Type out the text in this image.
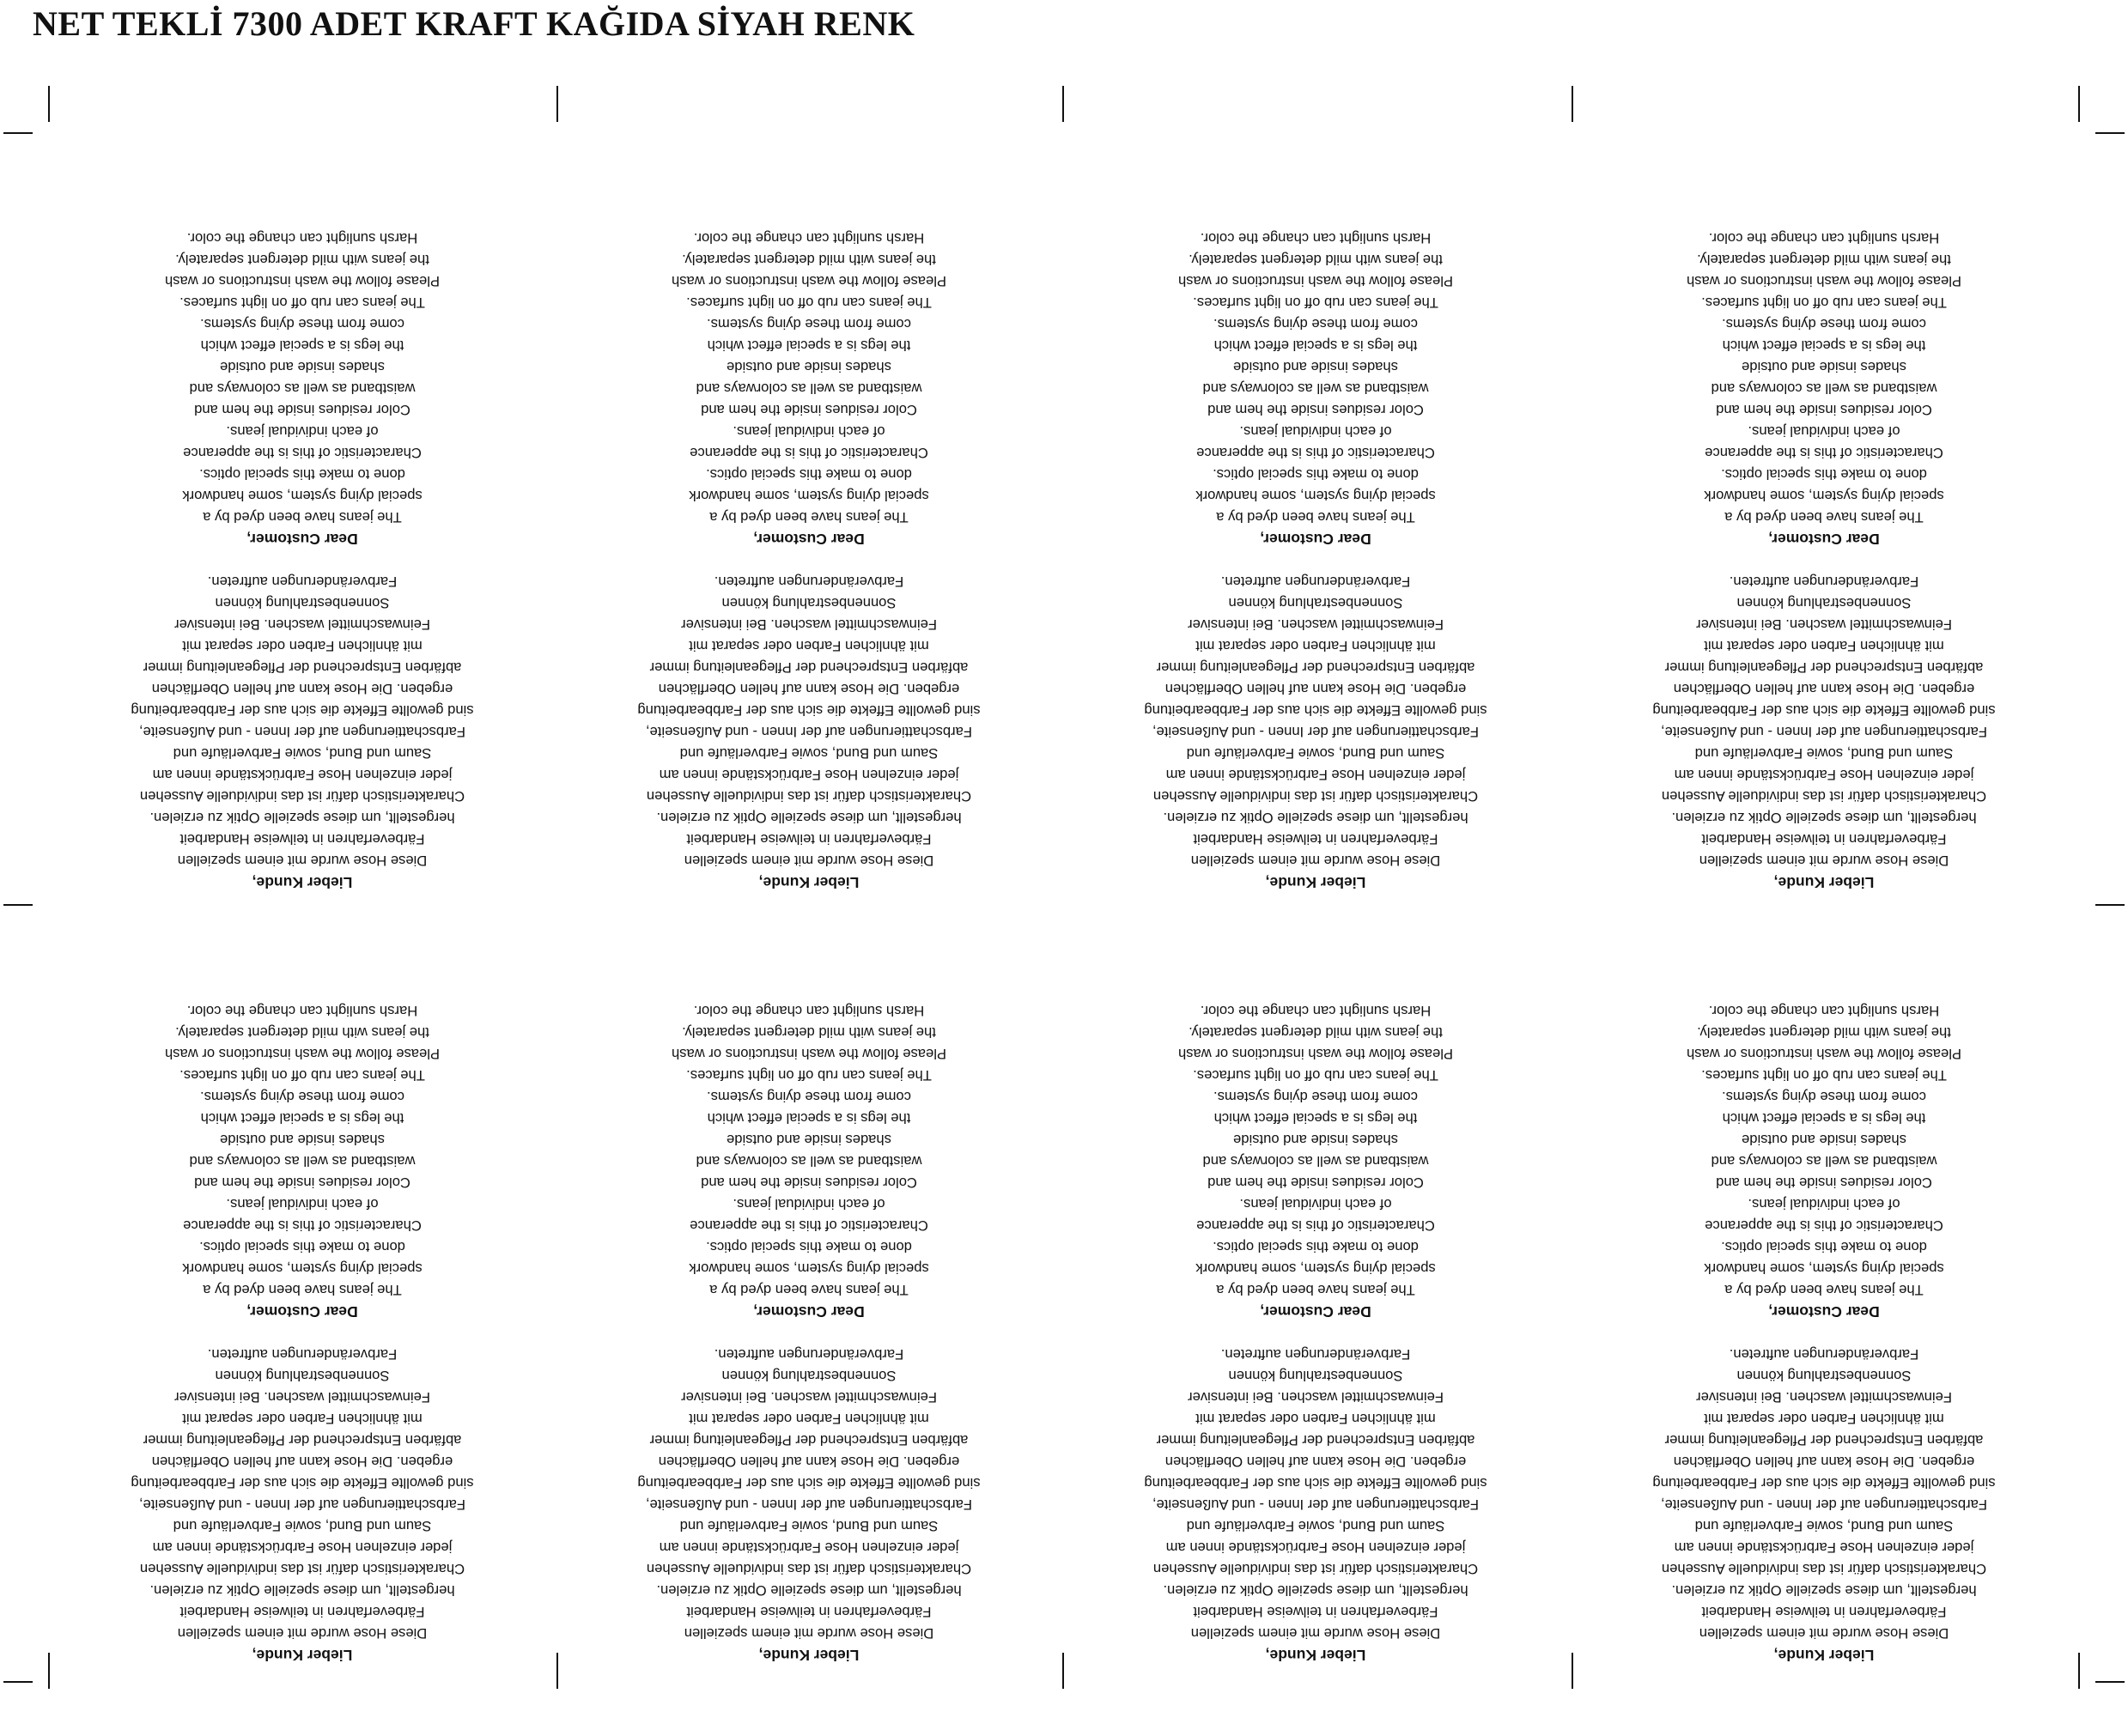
NET TEKLİ 7300 ADET KRAFT KAĞIDA SİYAH RENK

Lieber Kunde,

Diese Hose wurde mit einem speziellen

Färbeverfahren in teilweise Handarbeit

hergestellt, um diese spezielle Optik zu erzielen.

Charakteristisch dafür ist das individuelle Aussehen

jeder einzelnen Hose Farbrückstände innen am

Saum und Bund, sowie Farbverläufe und

Farbschattierungen auf der Innen - und Außenseite,

sind gewollte Effekte die sich aus der Farbbearbeitung

ergeben. Die Hose kann auf hellen Oberflächen

abfärben Entsprechend der Pflegeanleitung immer

mit ähnlichen Farben oder separat mit

Feinwaschmittel waschen. Bei intensiver

Sonnenbestrahlung können

Farbveränderungen auftreten.

Dear Customer,

The jeans have been dyed by a

special dying system, some handwork

done to make this special optics.

Characteristic of this is the apperance

of each individual jeans.

Color residues inside the hem and

waistband as well as colorways and

shades inside and outside

the legs is a special effect which

come from these dying systems.

The jeans can rub off on light surfaces.

Please follow the wash instructions or wash

the jeans with mild detergent separately.

Harsh sunlight can change the color.

Lieber Kunde,

Diese Hose wurde mit einem speziellen

Färbeverfahren in teilweise Handarbeit

hergestellt, um diese spezielle Optik zu erzielen.

Charakteristisch dafür ist das individuelle Aussehen

jeder einzelnen Hose Farbrückstände innen am

Saum und Bund, sowie Farbverläufe und

Farbschattierungen auf der Innen - und Außenseite,

sind gewollte Effekte die sich aus der Farbbearbeitung

ergeben. Die Hose kann auf hellen Oberflächen

abfärben Entsprechend der Pflegeanleitung immer

mit ähnlichen Farben oder separat mit

Feinwaschmittel waschen. Bei intensiver

Sonnenbestrahlung können

Farbveränderungen auftreten.

Dear Customer,

The jeans have been dyed by a

special dying system, some handwork

done to make this special optics.

Characteristic of this is the apperance

of each individual jeans.

Color residues inside the hem and

waistband as well as colorways and

shades inside and outside

the legs is a special effect which

come from these dying systems.

The jeans can rub off on light surfaces.

Please follow the wash instructions or wash

the jeans with mild detergent separately.

Harsh sunlight can change the color.

Lieber Kunde,

Diese Hose wurde mit einem speziellen

Färbeverfahren in teilweise Handarbeit

hergestellt, um diese spezielle Optik zu erzielen.

Charakteristisch dafür ist das individuelle Aussehen

jeder einzelnen Hose Farbrückstände innen am

Saum und Bund, sowie Farbverläufe und

Farbschattierungen auf der Innen - und Außenseite,

sind gewollte Effekte die sich aus der Farbbearbeitung

ergeben. Die Hose kann auf hellen Oberflächen

abfärben Entsprechend der Pflegeanleitung immer

mit ähnlichen Farben oder separat mit

Feinwaschmittel waschen. Bei intensiver

Sonnenbestrahlung können

Farbveränderungen auftreten.

Dear Customer,

The jeans have been dyed by a

special dying system, some handwork

done to make this special optics.

Characteristic of this is the apperance

of each individual jeans.

Color residues inside the hem and

waistband as well as colorways and

shades inside and outside

the legs is a special effect which

come from these dying systems.

The jeans can rub off on light surfaces.

Please follow the wash instructions or wash

the jeans with mild detergent separately.

Harsh sunlight can change the color.

Lieber Kunde,

Diese Hose wurde mit einem speziellen

Färbeverfahren in teilweise Handarbeit

hergestellt, um diese spezielle Optik zu erzielen.

Charakteristisch dafür ist das individuelle Aussehen

jeder einzelnen Hose Farbrückstände innen am

Saum und Bund, sowie Farbverläufe und

Farbschattierungen auf der Innen - und Außenseite,

sind gewollte Effekte die sich aus der Farbbearbeitung

ergeben. Die Hose kann auf hellen Oberflächen

abfärben Entsprechend der Pflegeanleitung immer

mit ähnlichen Farben oder separat mit

Feinwaschmittel waschen. Bei intensiver

Sonnenbestrahlung können

Farbveränderungen auftreten.

Dear Customer,

The jeans have been dyed by a

special dying system, some handwork

done to make this special optics.

Characteristic of this is the apperance

of each individual jeans.

Color residues inside the hem and

waistband as well as colorways and

shades inside and outside

the legs is a special effect which

come from these dying systems.

The jeans can rub off on light surfaces.

Please follow the wash instructions or wash

the jeans with mild detergent separately.

Harsh sunlight can change the color.

Lieber Kunde,

Diese Hose wurde mit einem speziellen

Färbeverfahren in teilweise Handarbeit

hergestellt, um diese spezielle Optik zu erzielen.

Charakteristisch dafür ist das individuelle Aussehen

jeder einzelnen Hose Farbrückstände innen am

Saum und Bund, sowie Farbverläufe und

Farbschattierungen auf der Innen - und Außenseite,

sind gewollte Effekte die sich aus der Farbbearbeitung

ergeben. Die Hose kann auf hellen Oberflächen

abfärben Entsprechend der Pflegeanleitung immer

mit ähnlichen Farben oder separat mit

Feinwaschmittel waschen. Bei intensiver

Sonnenbestrahlung können

Farbveränderungen auftreten.

Dear Customer,

The jeans have been dyed by a

special dying system, some handwork

done to make this special optics.

Characteristic of this is the apperance

of each individual jeans.

Color residues inside the hem and

waistband as well as colorways and

shades inside and outside

the legs is a special effect which

come from these dying systems.

The jeans can rub off on light surfaces.

Please follow the wash instructions or wash

the jeans with mild detergent separately.

Harsh sunlight can change the color.

Lieber Kunde,

Diese Hose wurde mit einem speziellen

Färbeverfahren in teilweise Handarbeit

hergestellt, um diese spezielle Optik zu erzielen.

Charakteristisch dafür ist das individuelle Aussehen

jeder einzelnen Hose Farbrückstände innen am

Saum und Bund, sowie Farbverläufe und

Farbschattierungen auf der Innen - und Außenseite,

sind gewollte Effekte die sich aus der Farbbearbeitung

ergeben. Die Hose kann auf hellen Oberflächen

abfärben Entsprechend der Pflegeanleitung immer

mit ähnlichen Farben oder separat mit

Feinwaschmittel waschen. Bei intensiver

Sonnenbestrahlung können

Farbveränderungen auftreten.

Dear Customer,

The jeans have been dyed by a

special dying system, some handwork

done to make this special optics.

Characteristic of this is the apperance

of each individual jeans.

Color residues inside the hem and

waistband as well as colorways and

shades inside and outside

the legs is a special effect which

come from these dying systems.

The jeans can rub off on light surfaces.

Please follow the wash instructions or wash

the jeans with mild detergent separately.

Harsh sunlight can change the color.

Lieber Kunde,

Diese Hose wurde mit einem speziellen

Färbeverfahren in teilweise Handarbeit

hergestellt, um diese spezielle Optik zu erzielen.

Charakteristisch dafür ist das individuelle Aussehen

jeder einzelnen Hose Farbrückstände innen am

Saum und Bund, sowie Farbverläufe und

Farbschattierungen auf der Innen - und Außenseite,

sind gewollte Effekte die sich aus der Farbbearbeitung

ergeben. Die Hose kann auf hellen Oberflächen

abfärben Entsprechend der Pflegeanleitung immer

mit ähnlichen Farben oder separat mit

Feinwaschmittel waschen. Bei intensiver

Sonnenbestrahlung können

Farbveränderungen auftreten.

Dear Customer,

The jeans have been dyed by a

special dying system, some handwork

done to make this special optics.

Characteristic of this is the apperance

of each individual jeans.

Color residues inside the hem and

waistband as well as colorways and

shades inside and outside

the legs is a special effect which

come from these dying systems.

The jeans can rub off on light surfaces.

Please follow the wash instructions or wash

the jeans with mild detergent separately.

Harsh sunlight can change the color.

Lieber Kunde,

Diese Hose wurde mit einem speziellen

Färbeverfahren in teilweise Handarbeit

hergestellt, um diese spezielle Optik zu erzielen.

Charakteristisch dafür ist das individuelle Aussehen

jeder einzelnen Hose Farbrückstände innen am

Saum und Bund, sowie Farbverläufe und

Farbschattierungen auf der Innen - und Außenseite,

sind gewollte Effekte die sich aus der Farbbearbeitung

ergeben. Die Hose kann auf hellen Oberflächen

abfärben Entsprechend der Pflegeanleitung immer

mit ähnlichen Farben oder separat mit

Feinwaschmittel waschen. Bei intensiver

Sonnenbestrahlung können

Farbveränderungen auftreten.

Dear Customer,

The jeans have been dyed by a

special dying system, some handwork

done to make this special optics.

Characteristic of this is the apperance

of each individual jeans.

Color residues inside the hem and

waistband as well as colorways and

shades inside and outside

the legs is a special effect which

come from these dying systems.

The jeans can rub off on light surfaces.

Please follow the wash instructions or wash

the jeans with mild detergent separately.

Harsh sunlight can change the color.
